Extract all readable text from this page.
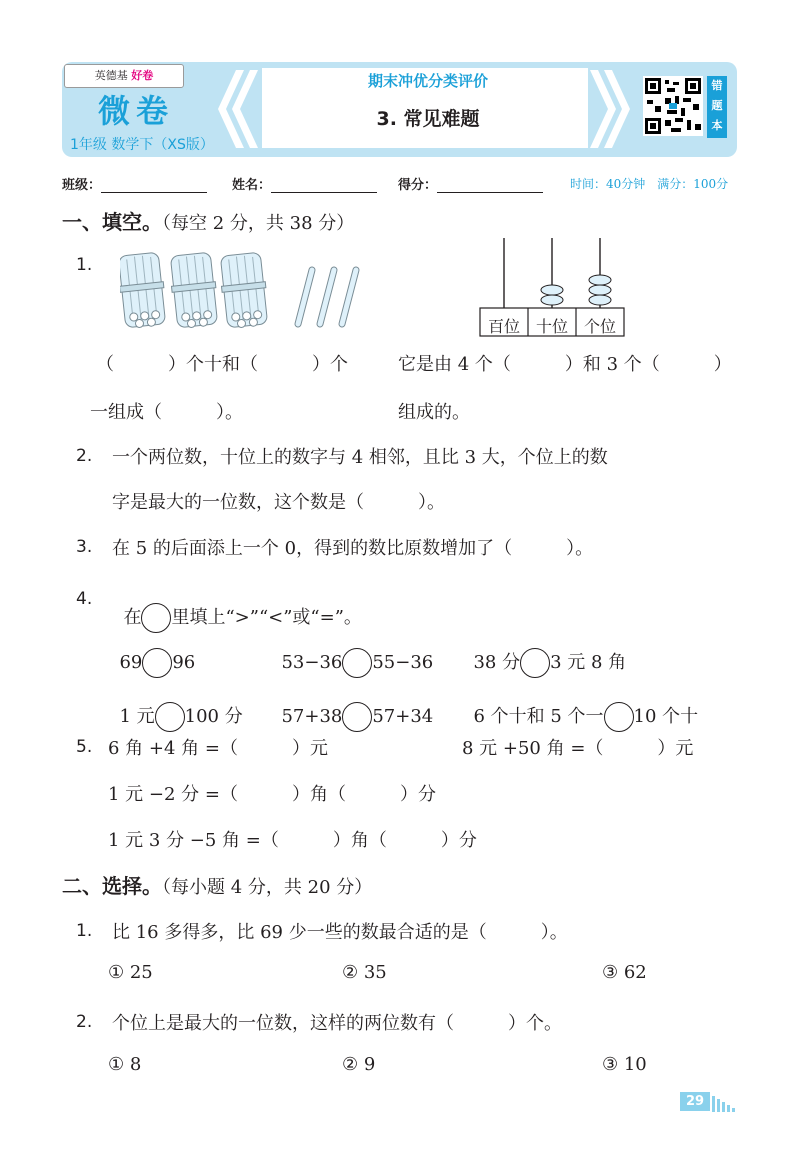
英德基 好卷
微卷
1年级 数学下（XS版）
期末冲优分类评价
3. 常见难题
错
题
本
班级：	姓名：	得分：	时间：40分钟　满分：100分
一、填空。（每空 2 分，共 38 分）
1.
百位 十位 个位
（　　　）个十和（　　　）个
一组成（　　　）。
它是由 4 个（　　　）和 3 个（　　　）
组成的。
2. 一个两位数，十位上的数字与 4 相邻，且比 3 大，个位上的数
字是最大的一位数，这个数是（　　　）。
3. 在 5 的后面添上一个 0，得到的数比原数增加了（　　　）。
4.

在 里填上“>”“<”或“=”。

69 96	53−36 55−36	38 分 3 元 8 角

1 元 100 分	57+38 57+34	6 个十和 5 个一 10 个十

5. 6 角 +4 角 =（　　　）元	8 元 +50 角 =（　　　）元
1 元 −2 分 =（　　　）角（　　　）分
1 元 3 分 −5 角 =（　　　）角（　　　）分
二、选择。（每小题 4 分，共 20 分）
1. 比 16 多得多，比 69 少一些的数最合适的是（　　　）。
① 25	② 35	③ 62
2. 个位上是最大的一位数，这样的两位数有（　　　）个。
① 8	② 9	③ 10
29
